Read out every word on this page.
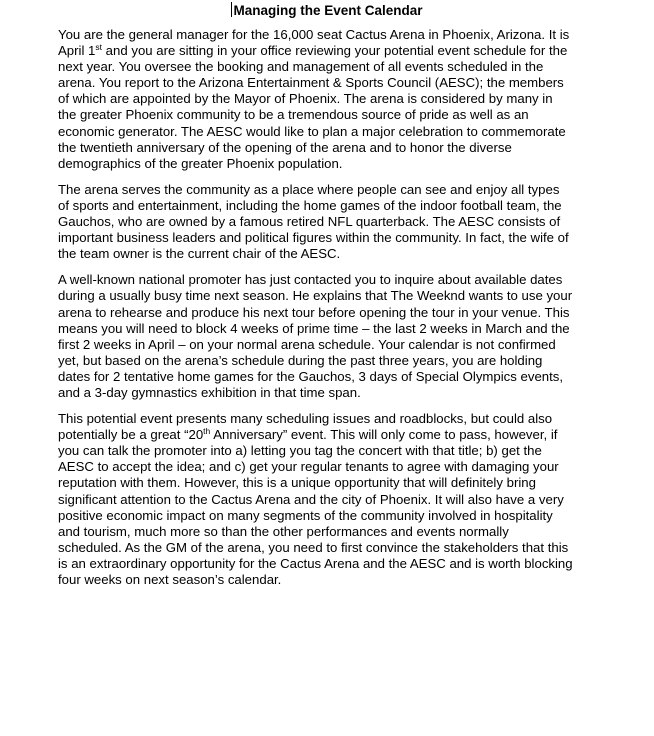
Managing the Event Calendar

You are the general manager for the 16,000 seat Cactus Arena in Phoenix, Arizona. It is April 1st and you are sitting in your office reviewing your potential event schedule for the next year. You oversee the booking and management of all events scheduled in the arena. You report to the Arizona Entertainment & Sports Council (AESC); the members of which are appointed by the Mayor of Phoenix. The arena is considered by many in the greater Phoenix community to be a tremendous source of pride as well as an economic generator. The AESC would like to plan a major celebration to commemorate the twentieth anniversary of the opening of the arena and to honor the diverse demographics of the greater Phoenix population.

The arena serves the community as a place where people can see and enjoy all types of sports and entertainment, including the home games of the indoor football team, the Gauchos, who are owned by a famous retired NFL quarterback. The AESC consists of important business leaders and political figures within the community. In fact, the wife of the team owner is the current chair of the AESC.

A well-known national promoter has just contacted you to inquire about available dates during a usually busy time next season. He explains that The Weeknd wants to use your arena to rehearse and produce his next tour before opening the tour in your venue. This means you will need to block 4 weeks of prime time – the last 2 weeks in March and the first 2 weeks in April – on your normal arena schedule. Your calendar is not confirmed yet, but based on the arena’s schedule during the past three years, you are holding dates for 2 tentative home games for the Gauchos, 3 days of Special Olympics events, and a 3-day gymnastics exhibition in that time span.

This potential event presents many scheduling issues and roadblocks, but could also potentially be a great “20th Anniversary” event. This will only come to pass, however, if you can talk the promoter into a) letting you tag the concert with that title; b) get the AESC to accept the idea; and c) get your regular tenants to agree with damaging your reputation with them. However, this is a unique opportunity that will definitely bring significant attention to the Cactus Arena and the city of Phoenix. It will also have a very positive economic impact on many segments of the community involved in hospitality and tourism, much more so than the other performances and events normally scheduled. As the GM of the arena, you need to first convince the stakeholders that this is an extraordinary opportunity for the Cactus Arena and the AESC and is worth blocking four weeks on next season’s calendar.
